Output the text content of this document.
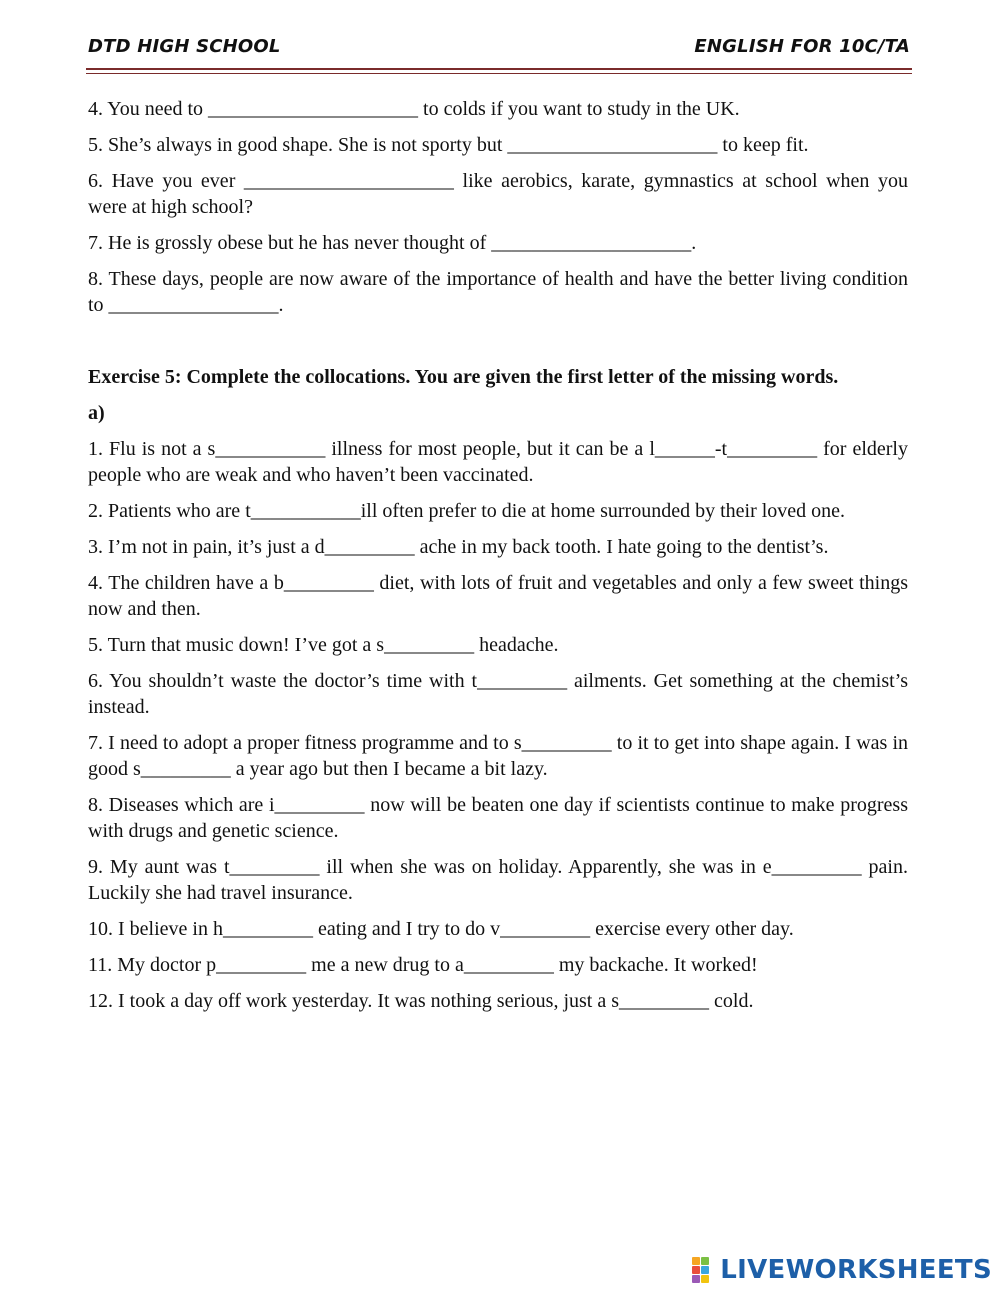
DTD HIGH SCHOOL	ENGLISH FOR 10C/TA

4. You need to _____________________ to colds if you want to study in the UK.

5. She’s always in good shape. She is not sporty but _____________________ to keep fit.

6. Have you ever _____________________ like aerobics, karate, gymnastics at school when you were at high school?

7. He is grossly obese but he has never thought of ____________________.

8. These days, people are now aware of the importance of health and have the better living condition to _________________.

Exercise 5: Complete the collocations. You are given the first letter of the missing words.

a)

1. Flu is not a s___________ illness for most people, but it can be a l______-t_________ for elderly people who are weak and who haven’t been vaccinated.

2. Patients who are t___________ill often prefer to die at home surrounded by their loved one.

3. I’m not in pain, it’s just a d_________ ache in my back tooth. I hate going to the dentist’s.

4. The children have a b_________ diet, with lots of fruit and vegetables and only a few sweet things now and then.

5. Turn that music down! I’ve got a s_________ headache.

6. You shouldn’t waste the doctor’s time with t_________ ailments. Get something at the chemist’s instead.

7. I need to adopt a proper fitness programme and to s_________ to it to get into shape again. I was in good s_________ a year ago but then I became a bit lazy.

8. Diseases which are i_________ now will be beaten one day if scientists continue to make progress with drugs and genetic science.

9. My aunt was t_________ ill when she was on holiday. Apparently, she was in e_________ pain. Luckily she had travel insurance.

10. I believe in h_________ eating and I try to do v_________ exercise every other day.

11. My doctor p_________ me a new drug to a_________ my backache. It worked!

12. I took a day off work yesterday. It was nothing serious, just a s_________ cold.

LIVEWORKSHEETS
